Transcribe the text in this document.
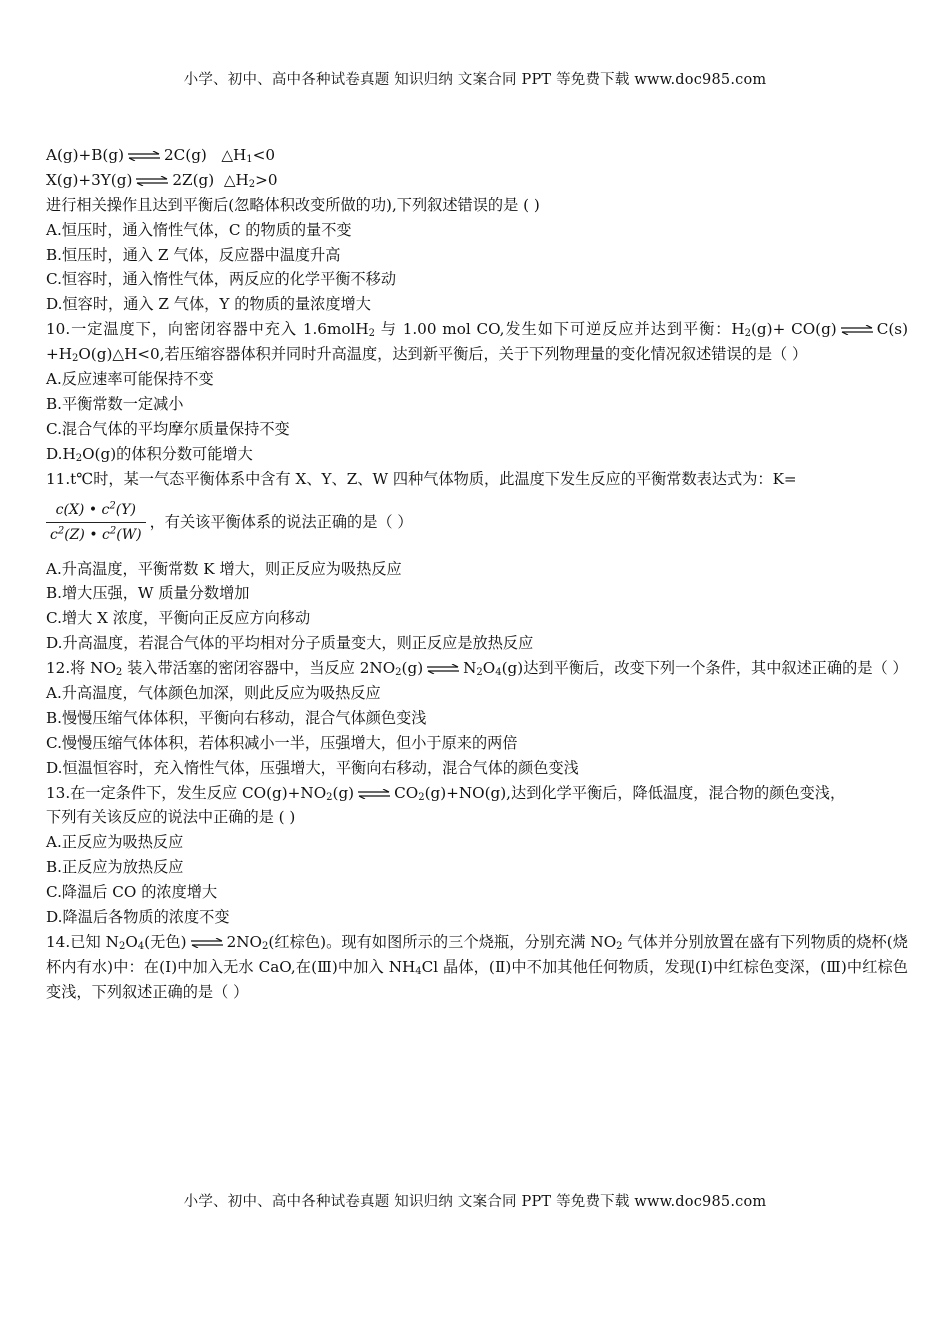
小学、初中、高中各种试卷真题 知识归纳 文案合同 PPT 等免费下载 www.doc985.com
A(g)+B(g) ⇌ 2C(g) $\triangle H_1<0$
X(g)+3Y(g) ⇌ 2Z(g) $\triangle H_2>0$
进行相关操作且达到平衡后(忽略体积改变所做的功),下列叙述错误的是 ( )
A.恒压时，通入惰性气体，C 的物质的量不变
B.恒压时，通入 Z 气体，反应器中温度升高
C.恒容时，通入惰性气体，两反应的化学平衡不移动
D.恒容时，通入 Z 气体，Y 的物质的量浓度增大
10.一定温度下，向密闭容器中充入 1.6molH$_2$ 与 1.00 mol CO,发生如下可逆反应并达到平衡：$H_2(g)+ CO(g)$ ⇌ $C(s) +H_2O(g)\triangle H<0$,若压缩容器体积并同时升高温度，达到新平衡后，关于下列物理量的变化情况叙述错误的是（ ）
A.反应速率可能保持不变
B.平衡常数一定减小
C.混合气体的平均摩尔质量保持不变
$D.H_2O(g)$的体积分数可能增大
11.t℃时，某一气态平衡体系中含有 X、Y、Z、W 四种气体物质，此温度下发生反应的平衡常数表达式为：K=
$\frac{c(X) • c^2(Y)}{c^2(Z) • c^2(W)}$ ，有关该平衡体系的说法正确的是（ ）
A.升高温度，平衡常数 K 增大，则正反应为吸热反应
B.增大压强，W 质量分数增加
C.增大 X 浓度，平衡向正反应方向移动
D.升高温度，若混合气体的平均相对分子质量变大，则正反应是放热反应
12.将 $NO_2$ 装入带活塞的密闭容器中，当反应 $2NO_2(g)$ ⇌ $N_2O_4(g)$达到平衡后，改变下列一个条件，其中叙述正确的是（ ）
A.升高温度，气体颜色加深，则此反应为吸热反应
B.慢慢压缩气体体积，平衡向右移动，混合气体颜色变浅
C.慢慢压缩气体体积，若体积减小一半，压强增大，但小于原来的两倍
D.恒温恒容时，充入惰性气体，压强增大，平衡向右移动，混合气体的颜色变浅
13.在一定条件下，发生反应 $CO(g)+NO_2(g)$ ⇌ $CO_2(g)+NO(g)$,达到化学平衡后，降低温度，混合物的颜色变浅，
下列有关该反应的说法中正确的是 ( )
A.正反应为吸热反应
B.正反应为放热反应
C.降温后 CO 的浓度增大
D.降温后各物质的浓度不变
14.已知 $N_2O_4$(无色) ⇌ $2NO_2$(红棕色)。现有如图所示的三个烧瓶，分别充满 $NO_2$ 气体并分别放置在盛有下列物质的烧杯(烧杯内有水)中：在(Ⅰ)中加入无水 CaO,在(Ⅲ)中加入 $NH_4Cl$ 晶体，(Ⅱ)中不加其他任何物质，发现(Ⅰ)中红棕色变深，(Ⅲ)中红棕色变浅，下列叙述正确的是（ ）
小学、初中、高中各种试卷真题 知识归纳 文案合同 PPT 等免费下载 www.doc985.com
